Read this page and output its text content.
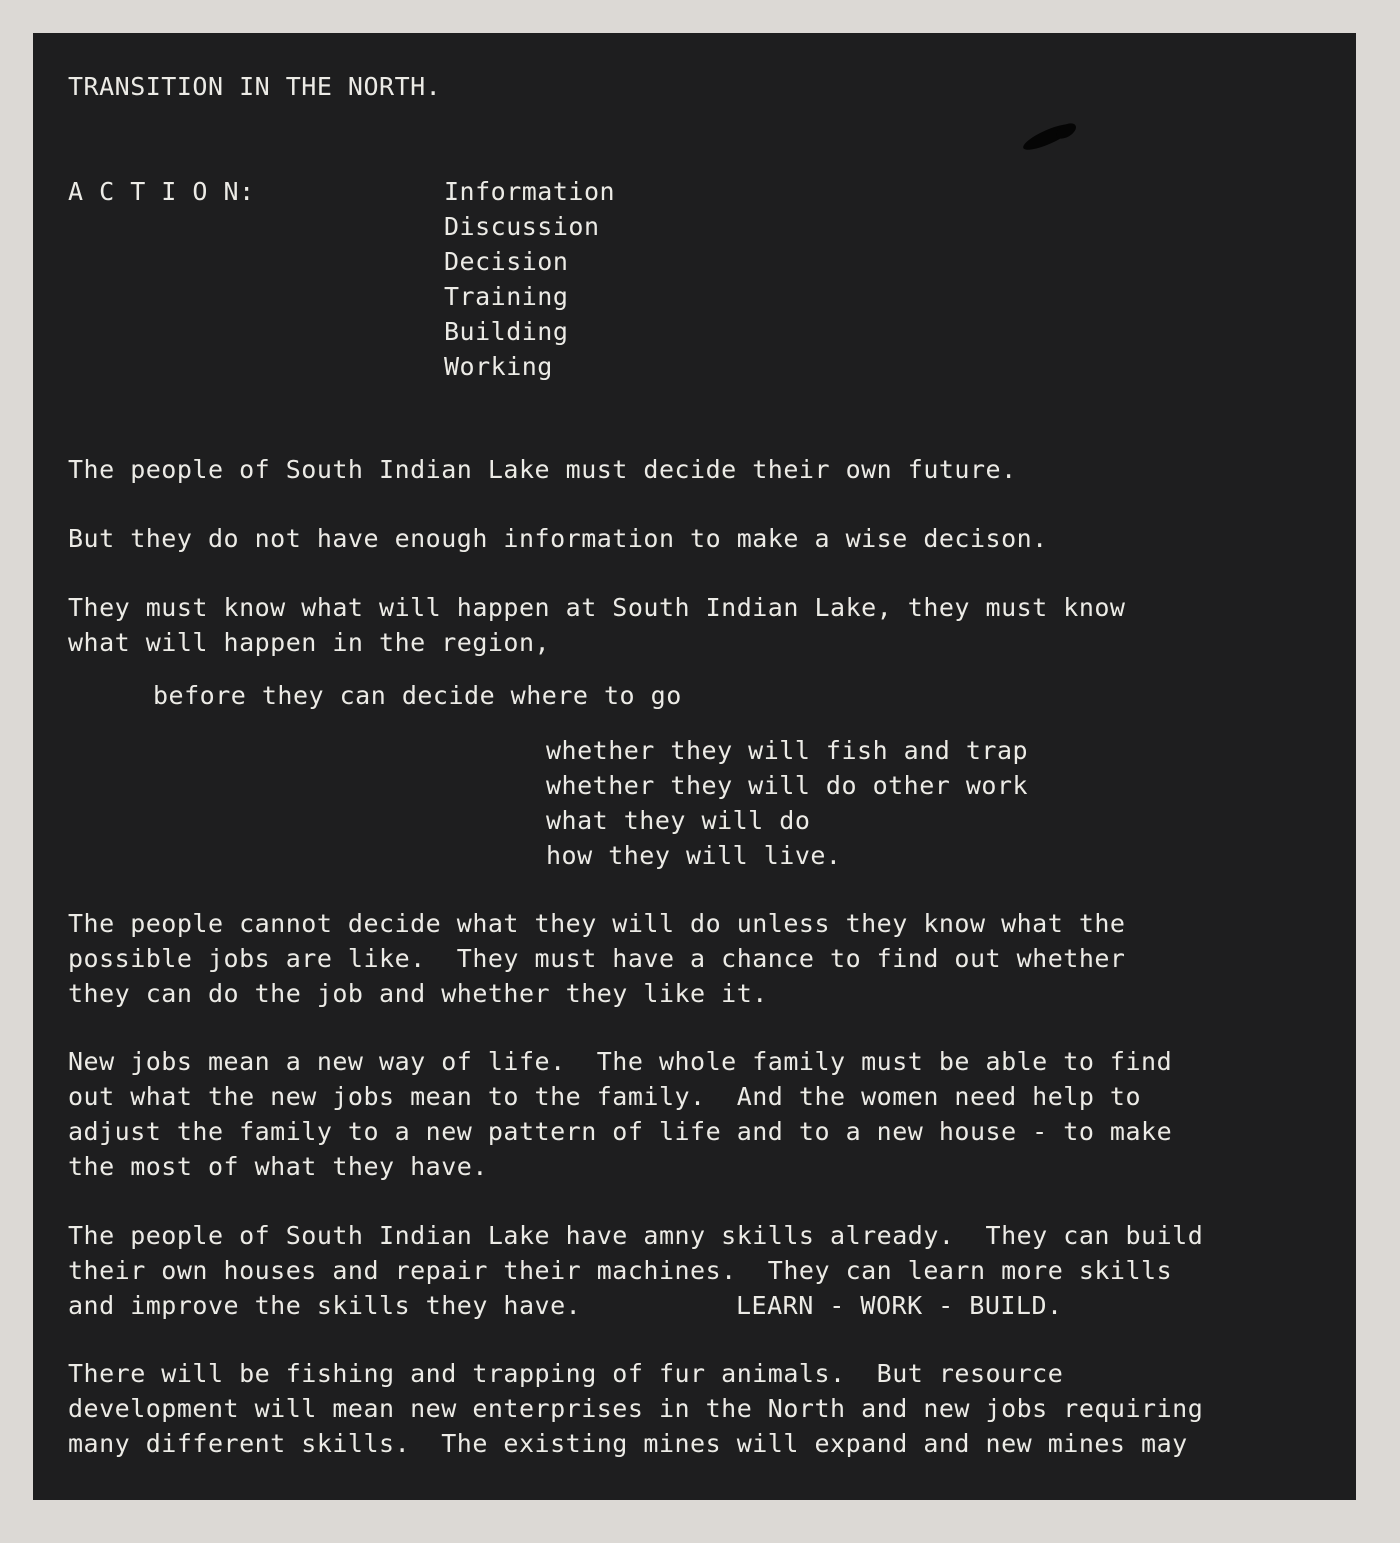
TRANSITION IN THE NORTH.
A C T I O N:	Information
Discussion
Decision
Training
Building
Working
The people of South Indian Lake must decide their own future.
But they do not have enough information to make a wise decison.
They must know what will happen at South Indian Lake, they must know
what will happen in the region,
before they can decide where to go
whether they will fish and trap
whether they will do other work
what they will do
how they will live.
The people cannot decide what they will do unless they know what the
possible jobs are like.  They must have a chance to find out whether
they can do the job and whether they like it.
New jobs mean a new way of life.  The whole family must be able to find
out what the new jobs mean to the family.  And the women need help to
adjust the family to a new pattern of life and to a new house - to make
the most of what they have.
The people of South Indian Lake have amny skills already.  They can build
their own houses and repair their machines.  They can learn more skills
and improve the skills they have.	LEARN - WORK - BUILD.
There will be fishing and trapping of fur animals.  But resource
development will mean new enterprises in the North and new jobs requiring
many different skills.  The existing mines will expand and new mines may
